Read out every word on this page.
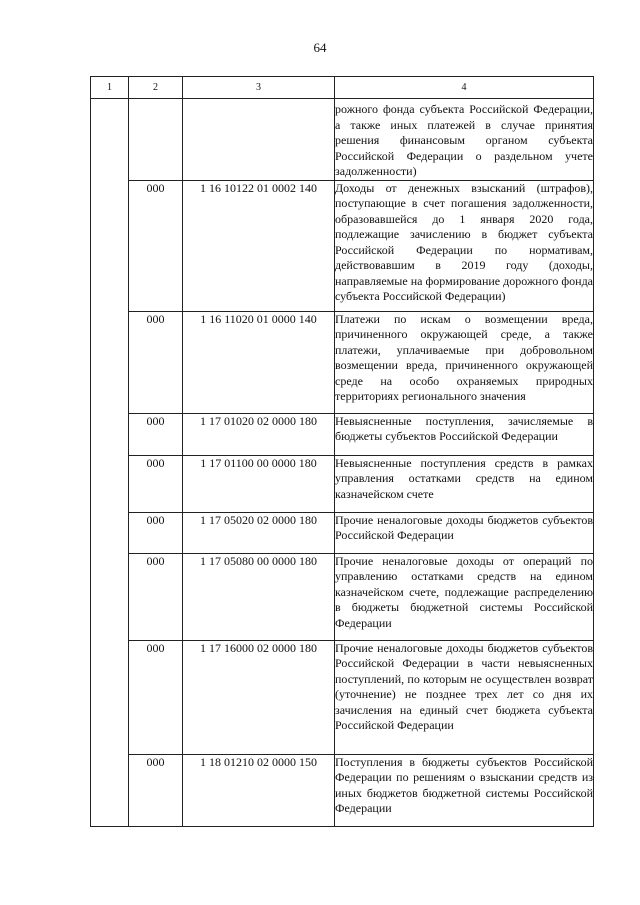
64
1	2	3	4
			рожного фонда субъекта Российской Федерации, а также иных платежей в случае принятия решения финансовым органом субъекта Российской Федерации о раздельном учете задолженности)
	000	1 16 10122 01 0002 140	Доходы от денежных взысканий (штрафов), поступающие в счет погашения задолженности, образовавшейся до 1 января 2020 года, подлежащие зачислению в бюджет субъекта Российской Федерации по нормативам, действовавшим в 2019 году (доходы, направляемые на формирование дорожного фонда субъекта Российской Федерации)
	000	1 16 11020 01 0000 140	Платежи по искам о возмещении вреда, причиненного окружающей среде, а также платежи, уплачиваемые при добровольном возмещении вреда, причиненного окружающей среде на особо охраняемых природных территориях регионального значения
	000	1 17 01020 02 0000 180	Невыясненные поступления, зачисляемые в бюджеты субъектов Российской Федерации
	000	1 17 01100 00 0000 180	Невыясненные поступления средств в рамках управления остатками средств на едином казначейском счете
	000	1 17 05020 02 0000 180	Прочие неналоговые доходы бюджетов субъектов Российской Федерации
	000	1 17 05080 00 0000 180	Прочие неналоговые доходы от операций по управлению остатками средств на едином казначейском счете, подлежащие распределению в бюджеты бюджетной системы Российской Федерации
	000	1 17 16000 02 0000 180	Прочие неналоговые доходы бюджетов субъектов Российской Федерации в части невыясненных поступлений, по которым не осуществлен возврат (уточнение) не позднее трех лет со дня их зачисления на единый счет бюджета субъекта Российской Федерации
	000	1 18 01210 02 0000 150	Поступления в бюджеты субъектов Российской Федерации по решениям о взыскании средств из иных бюджетов бюджетной системы Российской Федерации
